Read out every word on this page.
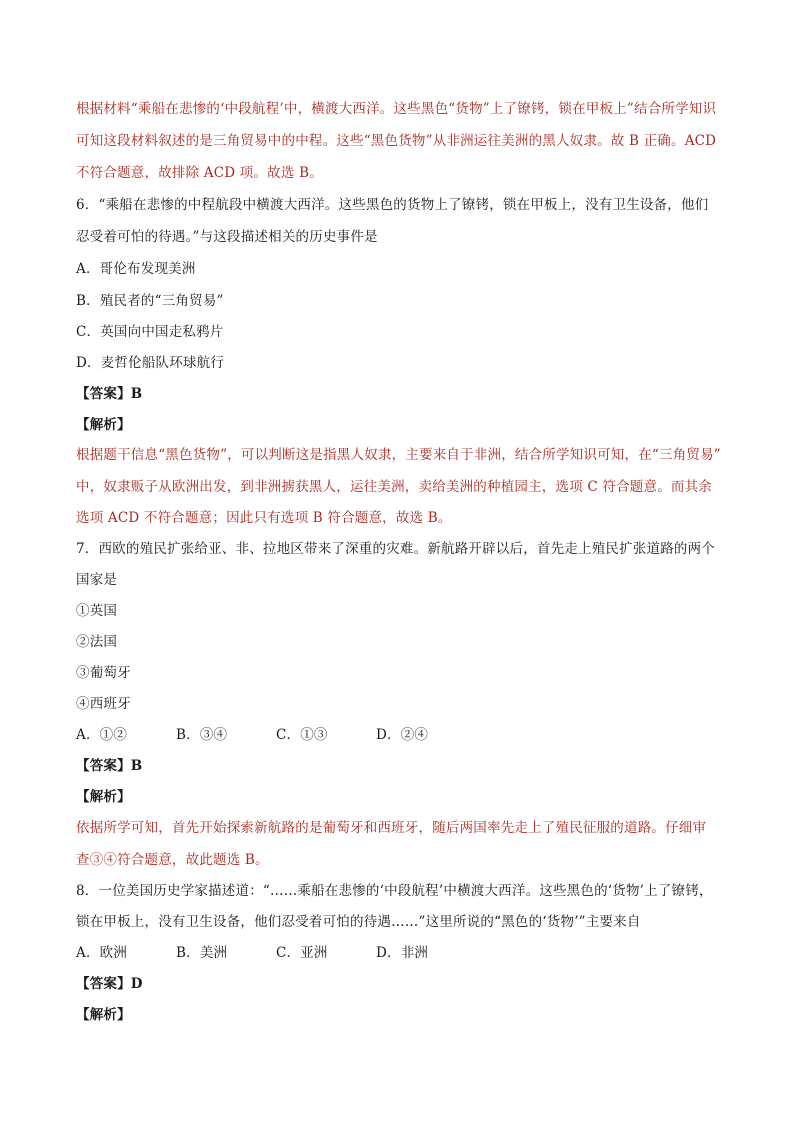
根据材料“乘船在悲惨的‘中段航程’中，横渡大西洋。这些黑色“货物”上了镣铐，锁在甲板上”结合所学知识
可知这段材料叙述的是三角贸易中的中程。这些“黑色货物”从非洲运往美洲的黑人奴隶。故 B 正确。ACD
不符合题意，故排除 ACD 项。故选 B。
6．“乘船在悲惨的中程航段中横渡大西洋。这些黑色的货物上了镣铐，锁在甲板上，没有卫生设备，他们
忍受着可怕的待遇。”与这段描述相关的历史事件是
A．哥伦布发现美洲
B．殖民者的“三角贸易”
C．英国向中国走私鸦片
D．麦哲伦船队环球航行
【答案】B
【解析】
根据题干信息“黑色货物”，可以判断这是指黑人奴隶，主要来自于非洲，结合所学知识可知，在“三角贸易”
中，奴隶贩子从欧洲出发，到非洲掳获黑人，运往美洲，卖给美洲的种植园主，选项 C 符合题意。而其余
选项 ACD 不符合题意；因此只有选项 B 符合题意，故选 B。
7．西欧的殖民扩张给亚、非、拉地区带来了深重的灾难。新航路开辟以后，首先走上殖民扩张道路的两个
国家是
①英国
②法国
③葡萄牙
④西班牙
A．①②	B．③④	C．①③	D．②④
【答案】B
【解析】
依据所学可知，首先开始探索新航路的是葡萄牙和西班牙，随后两国率先走上了殖民征服的道路。仔细审
查③④符合题意，故此题选 B。
8．一位美国历史学家描述道：“……乘船在悲惨的‘中段航程’中横渡大西洋。这些黑色的‘货物’上了镣铐，
锁在甲板上，没有卫生设备，他们忍受着可怕的待遇……”这里所说的“黑色的‘货物’”主要来自
A．欧洲	B．美洲	C．亚洲	D．非洲
【答案】D
【解析】
